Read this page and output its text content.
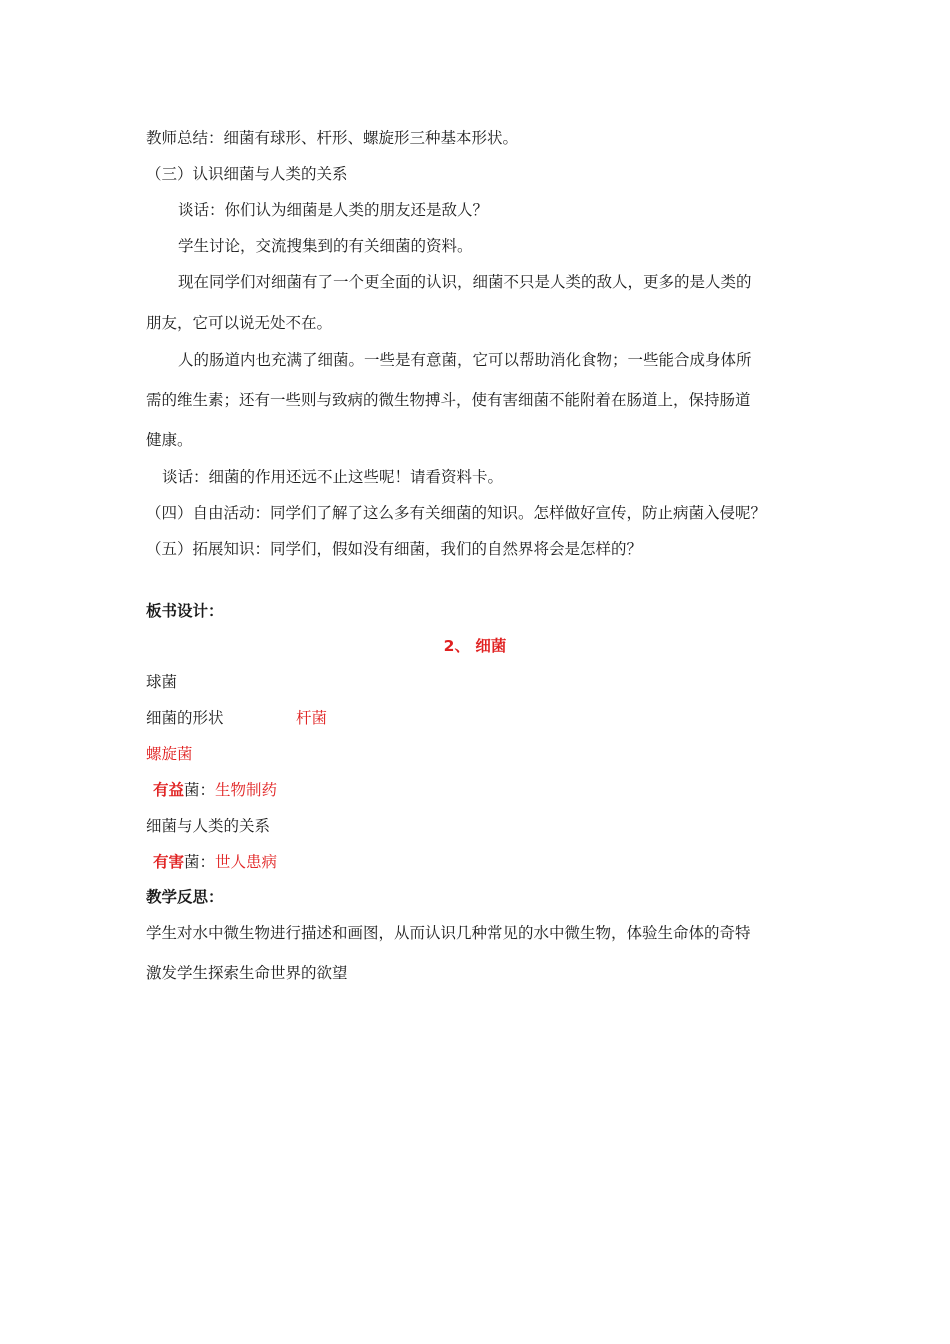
教师总结：细菌有球形、杆形、螺旋形三种基本形状。
（三）认识细菌与人类的关系
谈话：你们认为细菌是人类的朋友还是敌人？
学生讨论，交流搜集到的有关细菌的资料。
现在同学们对细菌有了一个更全面的认识，细菌不只是人类的敌人，更多的是人类的
朋友，它可以说无处不在。
人的肠道内也充满了细菌。一些是有意菌，它可以帮助消化食物；一些能合成身体所
需的维生素；还有一些则与致病的微生物搏斗，使有害细菌不能附着在肠道上，保持肠道
健康。
谈话：细菌的作用还远不止这些呢！请看资料卡。
（四）自由活动：同学们了解了这么多有关细菌的知识。怎样做好宣传，防止病菌入侵呢？
（五）拓展知识：同学们，假如没有细菌，我们的自然界将会是怎样的？
板书设计：
2、 细菌
球菌
细菌的形状	杆菌
螺旋菌
有益菌：生物制药
细菌与人类的关系
有害菌：世人患病
教学反思：
学生对水中微生物进行描述和画图，从而认识几种常见的水中微生物，体验生命体的奇特
激发学生探索生命世界的欲望
